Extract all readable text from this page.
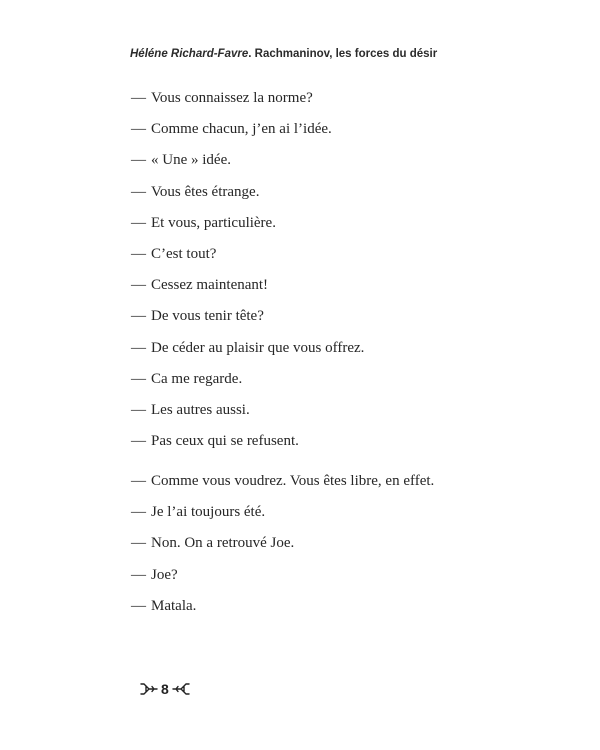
Héléne Richard-Favre. Rachmaninov, les forces du désir
— Vous connaissez la norme?
— Comme chacun, j’en ai l’idée.
— « Une » idée.
— Vous êtes étrange.
— Et vous, particulière.
— C’est tout?
— Cessez maintenant!
— De vous tenir tête?
— De céder au plaisir que vous offrez.
— Ca me regarde.
— Les autres aussi.
— Pas ceux qui se refusent.
— Comme vous voudrez. Vous êtes libre, en effet.
— Je l’ai toujours été.
— Non. On a retrouvé Joe.
— Joe?
— Matala.
8
